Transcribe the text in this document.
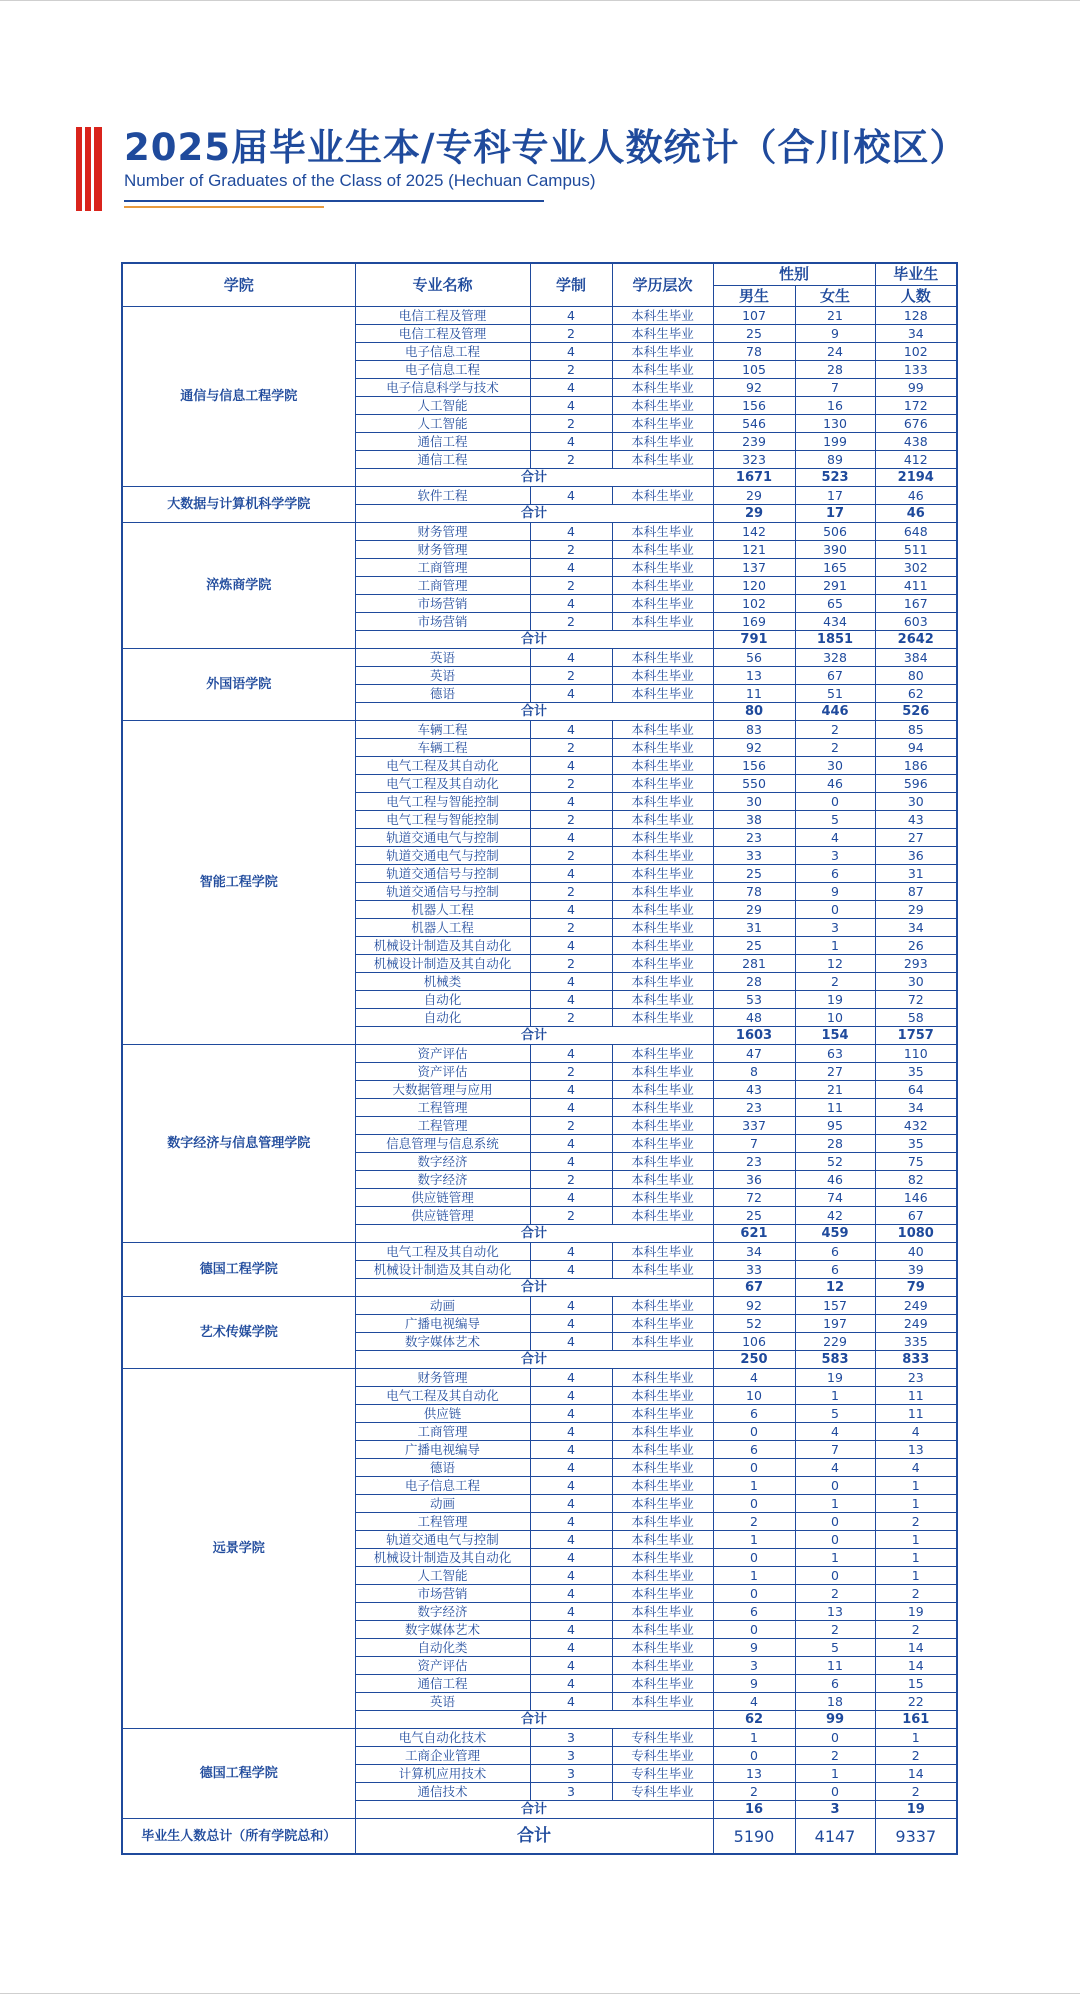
2025届毕业生本/专科专业人数统计（合川校区）
Number of Graduates of the Class of 2025 (Hechuan Campus)
学院	专业名称	学制	学历层次	性别		毕业生
				男生	女生	人数
通信与信息工程学院	电信工程及管理	4	本科生毕业	107	21	128
	电信工程及管理	2	本科生毕业	25	9	34
	电子信息工程	4	本科生毕业	78	24	102
	电子信息工程	2	本科生毕业	105	28	133
	电子信息科学与技术	4	本科生毕业	92	7	99
	人工智能	4	本科生毕业	156	16	172
	人工智能	2	本科生毕业	546	130	676
	通信工程	4	本科生毕业	239	199	438
	通信工程	2	本科生毕业	323	89	412
	合计			1671	523	2194
大数据与计算机科学学院	软件工程	4	本科生毕业	29	17	46
	合计			29	17	46
淬炼商学院	财务管理	4	本科生毕业	142	506	648
	财务管理	2	本科生毕业	121	390	511
	工商管理	4	本科生毕业	137	165	302
	工商管理	2	本科生毕业	120	291	411
	市场营销	4	本科生毕业	102	65	167
	市场营销	2	本科生毕业	169	434	603
	合计			791	1851	2642
外国语学院	英语	4	本科生毕业	56	328	384
	英语	2	本科生毕业	13	67	80
	德语	4	本科生毕业	11	51	62
	合计			80	446	526
智能工程学院	车辆工程	4	本科生毕业	83	2	85
	车辆工程	2	本科生毕业	92	2	94
	电气工程及其自动化	4	本科生毕业	156	30	186
	电气工程及其自动化	2	本科生毕业	550	46	596
	电气工程与智能控制	4	本科生毕业	30	0	30
	电气工程与智能控制	2	本科生毕业	38	5	43
	轨道交通电气与控制	4	本科生毕业	23	4	27
	轨道交通电气与控制	2	本科生毕业	33	3	36
	轨道交通信号与控制	4	本科生毕业	25	6	31
	轨道交通信号与控制	2	本科生毕业	78	9	87
	机器人工程	4	本科生毕业	29	0	29
	机器人工程	2	本科生毕业	31	3	34
	机械设计制造及其自动化	4	本科生毕业	25	1	26
	机械设计制造及其自动化	2	本科生毕业	281	12	293
	机械类	4	本科生毕业	28	2	30
	自动化	4	本科生毕业	53	19	72
	自动化	2	本科生毕业	48	10	58
	合计			1603	154	1757
数字经济与信息管理学院	资产评估	4	本科生毕业	47	63	110
	资产评估	2	本科生毕业	8	27	35
	大数据管理与应用	4	本科生毕业	43	21	64
	工程管理	4	本科生毕业	23	11	34
	工程管理	2	本科生毕业	337	95	432
	信息管理与信息系统	4	本科生毕业	7	28	35
	数字经济	4	本科生毕业	23	52	75
	数字经济	2	本科生毕业	36	46	82
	供应链管理	4	本科生毕业	72	74	146
	供应链管理	2	本科生毕业	25	42	67
	合计			621	459	1080
德国工程学院	电气工程及其自动化	4	本科生毕业	34	6	40
	机械设计制造及其自动化	4	本科生毕业	33	6	39
	合计			67	12	79
艺术传媒学院	动画	4	本科生毕业	92	157	249
	广播电视编导	4	本科生毕业	52	197	249
	数字媒体艺术	4	本科生毕业	106	229	335
	合计			250	583	833
远景学院	财务管理	4	本科生毕业	4	19	23
	电气工程及其自动化	4	本科生毕业	10	1	11
	供应链	4	本科生毕业	6	5	11
	工商管理	4	本科生毕业	0	4	4
	广播电视编导	4	本科生毕业	6	7	13
	德语	4	本科生毕业	0	4	4
	电子信息工程	4	本科生毕业	1	0	1
	动画	4	本科生毕业	0	1	1
	工程管理	4	本科生毕业	2	0	2
	轨道交通电气与控制	4	本科生毕业	1	0	1
	机械设计制造及其自动化	4	本科生毕业	0	1	1
	人工智能	4	本科生毕业	1	0	1
	市场营销	4	本科生毕业	0	2	2
	数字经济	4	本科生毕业	6	13	19
	数字媒体艺术	4	本科生毕业	0	2	2
	自动化类	4	本科生毕业	9	5	14
	资产评估	4	本科生毕业	3	11	14
	通信工程	4	本科生毕业	9	6	15
	英语	4	本科生毕业	4	18	22
	合计			62	99	161
德国工程学院	电气自动化技术	3	专科生毕业	1	0	1
	工商企业管理	3	专科生毕业	0	2	2
	计算机应用技术	3	专科生毕业	13	1	14
	通信技术	3	专科生毕业	2	0	2
	合计			16	3	19
毕业生人数总计（所有学院总和）	合计			5190	4147	9337
